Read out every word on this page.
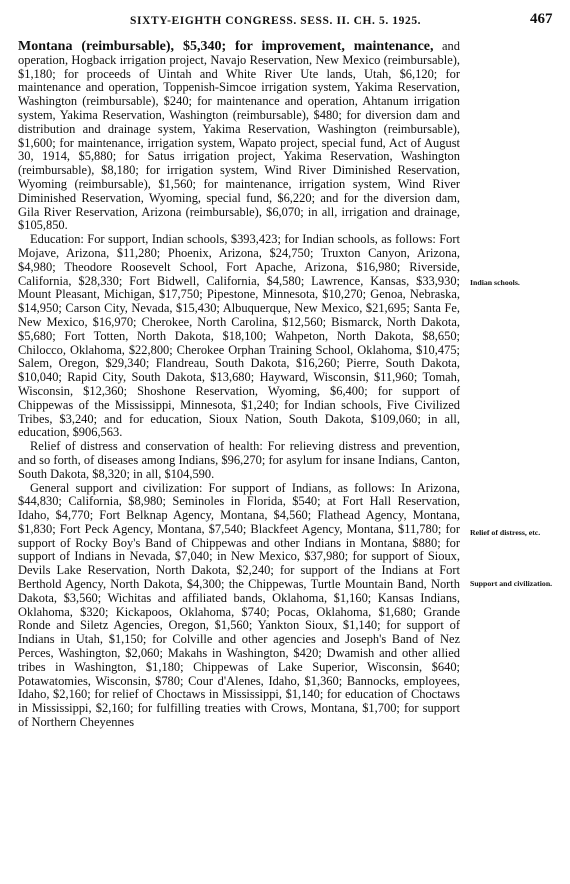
SIXTY-EIGHTH CONGRESS. SESS. II. CH. 5. 1925.	467

Montana (reimbursable), $5,340; for improvement, maintenance, and operation, Hogback irrigation project, Navajo Reservation, New Mexico (reimbursable), $1,180; for proceeds of Uintah and White River Ute lands, Utah, $6,120; for maintenance and operation, Toppenish-Simcoe irrigation system, Yakima Reservation, Washington (reimbursable), $240; for maintenance and operation, Ahtanum irrigation system, Yakima Reservation, Washington (reimbursable), $480; for diversion dam and distribution and drainage system, Yakima Reservation, Washington (reimbursable), $1,600; for maintenance, irrigation system, Wapato project, special fund, Act of August 30, 1914, $5,880; for Satus irrigation project, Yakima Reservation, Washington (reimbursable), $8,180; for irrigation system, Wind River Diminished Reservation, Wyoming (reimbursable), $1,560; for maintenance, irrigation system, Wind River Diminished Reservation, Wyoming, special fund, $6,220; and for the diversion dam, Gila River Reservation, Arizona (reimbursable), $6,070; in all, irrigation and drainage, $105,850.

Education: For support, Indian schools, $393,423; for Indian schools, as follows: Fort Mojave, Arizona, $11,280; Phoenix, Arizona, $24,750; Truxton Canyon, Arizona, $4,980; Theodore Roosevelt School, Fort Apache, Arizona, $16,980; Riverside, California, $28,330; Fort Bidwell, California, $4,580; Lawrence, Kansas, $33,930; Mount Pleasant, Michigan, $17,750; Pipestone, Minnesota, $10,270; Genoa, Nebraska, $14,950; Carson City, Nevada, $15,430; Albuquerque, New Mexico, $21,695; Santa Fe, New Mexico, $16,970; Cherokee, North Carolina, $12,560; Bismarck, North Dakota, $5,680; Fort Totten, North Dakota, $18,100; Wahpeton, North Dakota, $8,650; Chilocco, Oklahoma, $22,800; Cherokee Orphan Training School, Oklahoma, $10,475; Salem, Oregon, $29,340; Flandreau, South Dakota, $16,260; Pierre, South Dakota, $10,040; Rapid City, South Dakota, $13,680; Hayward, Wisconsin, $11,960; Tomah, Wisconsin, $12,360; Shoshone Reservation, Wyoming, $6,400; for support of Chippewas of the Mississippi, Minnesota, $1,240; for Indian schools, Five Civilized Tribes, $3,240; and for education, Sioux Nation, South Dakota, $109,060; in all, education, $906,563.

Relief of distress and conservation of health: For relieving distress and prevention, and so forth, of diseases among Indians, $96,270; for asylum for insane Indians, Canton, South Dakota, $8,320; in all, $104,590.

General support and civilization: For support of Indians, as follows: In Arizona, $44,830; California, $8,980; Seminoles in Florida, $540; at Fort Hall Reservation, Idaho, $4,770; Fort Belknap Agency, Montana, $4,560; Flathead Agency, Montana, $1,830; Fort Peck Agency, Montana, $7,540; Blackfeet Agency, Montana, $11,780; for support of Rocky Boy's Band of Chippewas and other Indians in Montana, $880; for support of Indians in Nevada, $7,040; in New Mexico, $37,980; for support of Sioux, Devils Lake Reservation, North Dakota, $2,240; for support of the Indians at Fort Berthold Agency, North Dakota, $4,300; the Chippewas, Turtle Mountain Band, North Dakota, $3,560; Wichitas and affiliated bands, Oklahoma, $1,160; Kansas Indians, Oklahoma, $320; Kickapoos, Oklahoma, $740; Pocas, Oklahoma, $1,680; Grande Ronde and Siletz Agencies, Oregon, $1,560; Yankton Sioux, $1,140; for support of Indians in Utah, $1,150; for Colville and other agencies and Joseph's Band of Nez Perces, Washington, $2,060; Makahs in Washington, $420; Dwamish and other allied tribes in Washington, $1,180; Chippewas of Lake Superior, Wisconsin, $640; Potawatomies, Wisconsin, $780; Cour d'Alenes, Idaho, $1,360; Bannocks, employees, Idaho, $2,160; for relief of Choctaws in Mississippi, $1,140; for education of Choctaws in Mississippi, $2,160; for fulfilling treaties with Crows, Montana, $1,700; for support of Northern Cheyennes

Indian schools.
Relief of distress, etc.
Support and civilization.
